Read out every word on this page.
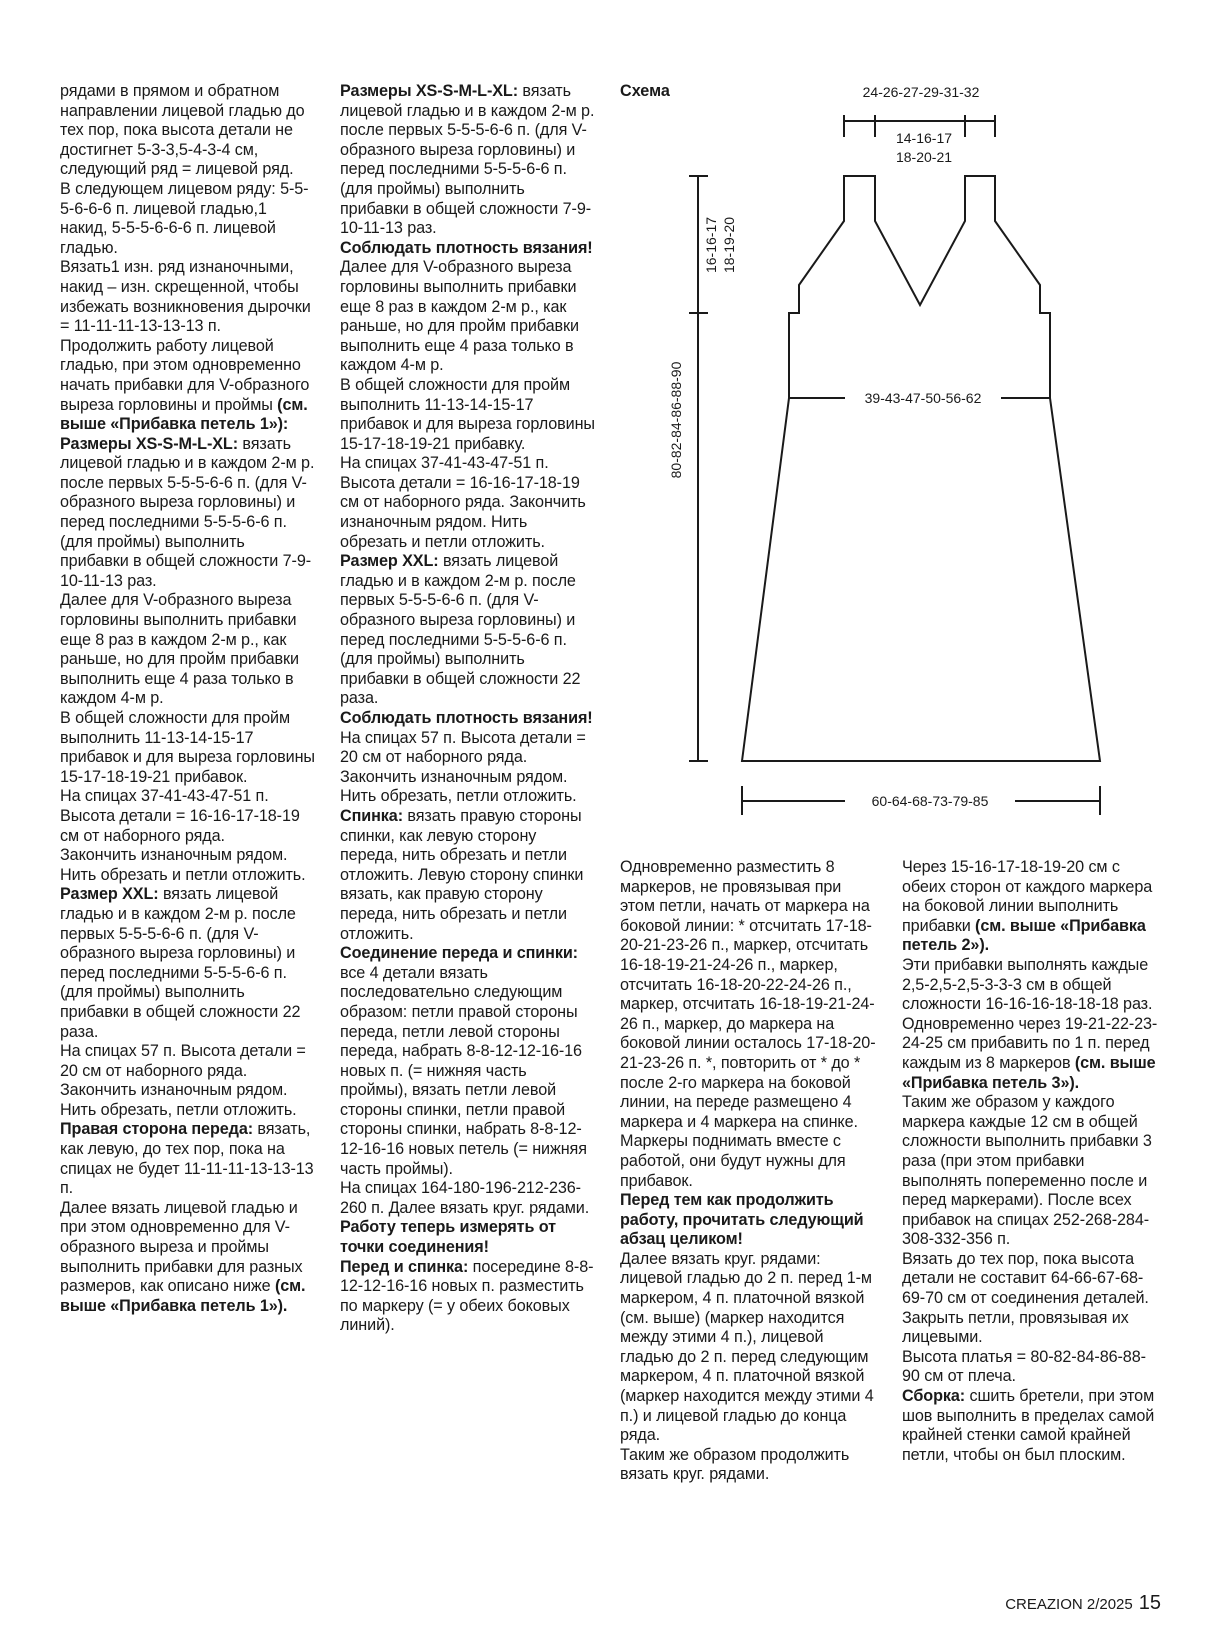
Схема	24-26-27-29-31-32
14-16-17
18-20-21
16-16-17 18-19-20
80-82-84-86-88-90	39-43-47-50-56-62
60-64-68-73-79-85

рядами в прямом и обратном направлении лицевой гладью до тех пор, пока высота детали не достигнет 5-3-3,5-4-3-4 см, следующий ряд = лицевой ряд.

В следующем лицевом ряду: 5-5-5-6-6-6 п. лицевой гладью,1 накид, 5-5-5-6-6-6 п. лицевой гладью.

Вязать1 изн. ряд изнаночными, накид – изн. скрещенной, чтобы избежать возникновения дырочки = 11-11-11-13-13-13 п.

Продолжить работу лицевой гладью, при этом одновременно начать прибавки для V-образного выреза горловины и проймы (см. выше «Прибавка петель 1»):

Размеры XS-S-M-L-XL: вязать лицевой гладью и в каждом 2-м р. после первых 5-5-5-6-6 п. (для V-образного выреза горловины) и перед последними 5-5-5-6-6 п. (для проймы) выполнить прибавки в общей сложности 7-9-10-11-13 раз.

Далее для V-образного выреза горловины выполнить прибавки еще 8 раз в каждом 2-м р., как раньше, но для пройм прибавки выполнить еще 4 раза только в каждом 4-м р.

В общей сложности для пройм выполнить 11-13-14-15-17 прибавок и для выреза горловины 15-17-18-19-21 прибавок.

На спицах 37-41-43-47-51 п.

Высота детали = 16-16-17-18-19 см от наборного ряда.

Закончить изнаночным рядом.

Нить обрезать и петли отложить.

Размер XXL: вязать лицевой гладью и в каждом 2-м р. после первых 5-5-5-6-6 п. (для V-образного выреза горловины) и перед последними 5-5-5-6-6 п. (для проймы) выполнить прибавки в общей сложности 22 раза.

На спицах 57 п. Высота детали = 20 см от наборного ряда. Закончить изнаночным рядом.

Нить обрезать, петли отложить.

Правая сторона переда: вязать, как левую, до тех пор, пока на спицах не будет 11-11-11-13-13-13 п.

Далее вязать лицевой гладью и при этом одновременно для V-образного выреза и проймы выполнить прибавки для разных размеров, как описано ниже (см. выше «Прибавка петель 1»).

Размеры XS-S-M-L-XL: вязать лицевой гладью и в каждом 2-м р. после первых 5-5-5-6-6 п. (для V-образного выреза горловины) и перед последними 5-5-5-6-6 п. (для проймы) выполнить прибавки в общей сложности 7-9-10-11-13 раз.

Соблюдать плотность вязания!

Далее для V-образного выреза горловины выполнить прибавки еще 8 раз в каждом 2-м р., как раньше, но для пройм прибавки выполнить еще 4 раза только в каждом 4-м р.

В общей сложности для пройм выполнить 11-13-14-15-17 прибавок и для выреза горловины 15-17-18-19-21 прибавку.

На спицах 37-41-43-47-51 п. Высота детали = 16-16-17-18-19 см от наборного ряда. Закончить изнаночным рядом. Нить обрезать и петли отложить.

Размер XXL: вязать лицевой гладью и в каждом 2-м р. после первых 5-5-5-6-6 п. (для V-образного выреза горловины) и перед последними 5-5-5-6-6 п. (для проймы) выполнить прибавки в общей сложности 22 раза.

Соблюдать плотность вязания!

На спицах 57 п. Высота детали = 20 см от наборного ряда. Закончить изнаночным рядом.

Нить обрезать, петли отложить.

Спинка: вязать правую стороны спинки, как левую сторону переда, нить обрезать и петли отложить. Левую сторону спинки вязать, как правую сторону переда, нить обрезать и петли отложить.

Соединение переда и спинки: все 4 детали вязать последовательно следующим образом: петли правой стороны переда, петли левой стороны переда, набрать 8-8-12-12-16-16 новых п. (= нижняя часть проймы), вязать петли левой стороны спинки, петли правой стороны спинки, набрать 8-8-12-12-16-16 новых петель (= нижняя часть проймы).

На спицах 164-180-196-212-236-260 п. Далее вязать круг. рядами.

Работу теперь измерять от точки соединения!

Перед и спинка: посередине 8-8-12-12-16-16 новых п. разместить по маркеру (= у обеих боковых линий).

Одновременно разместить 8 маркеров, не провязывая при этом петли, начать от маркера на боковой линии: * отсчитать 17-18-20-21-23-26 п., маркер, отсчитать 16-18-19-21-24-26 п., маркер, отсчитать 16-18-20-22-24-26 п., маркер, отсчитать 16-18-19-21-24-26 п., маркер, до маркера на боковой линии осталось 17-18-20-21-23-26 п. *, повторить от * до * после 2-го маркера на боковой линии, на переде размещено 4 маркера и 4 маркера на спинке.

Маркеры поднимать вместе с работой, они будут нужны для прибавок.

Перед тем как продолжить работу, прочитать следующий абзац целиком!

Далее вязать круг. рядами: лицевой гладью до 2 п. перед 1-м маркером, 4 п. платочной вязкой (см. выше) (маркер находится между этими 4 п.), лицевой гладью до 2 п. перед следующим маркером, 4 п. платочной вязкой (маркер находится между этими 4 п.) и лицевой гладью до конца ряда.

Таким же образом продолжить вязать круг. рядами.

Через 15-16-17-18-19-20 см с обеих сторон от каждого маркера на боковой линии выполнить прибавки (см. выше «Прибавка петель 2»).

Эти прибавки выполнять каждые 2,5-2,5-2,5-3-3-3 см в общей сложности 16-16-16-18-18-18 раз.

Одновременно через 19-21-22-23-24-25 см прибавить по 1 п. перед каждым из 8 маркеров (см. выше «Прибавка петель 3»).

Таким же образом у каждого маркера каждые 12 см в общей сложности выполнить прибавки 3 раза (при этом прибавки выполнять попеременно после и перед маркерами). После всех прибавок на спицах 252-268-284-308-332-356 п.

Вязать до тех пор, пока высота детали не составит 64-66-67-68-69-70 см от соединения деталей.

Закрыть петли, провязывая их лицевыми.

Высота платья = 80-82-84-86-88-90 см от плеча.

Сборка: сшить бретели, при этом шов выполнить в пределах самой крайней стенки самой крайней петли, чтобы он был плоским.

CREAZION 2/2025 15
